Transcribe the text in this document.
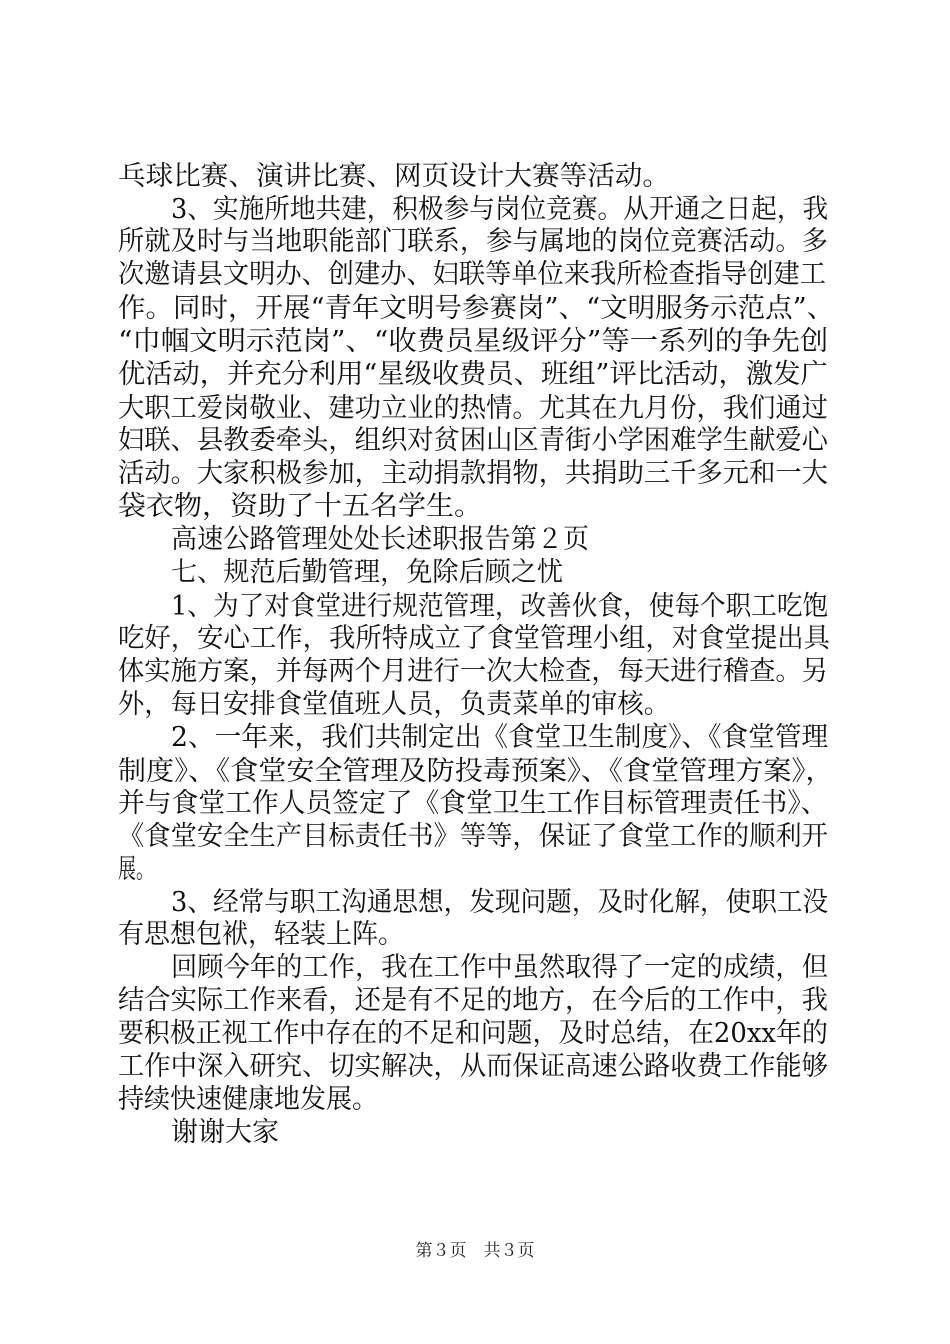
乓球比赛、演讲比赛、网页设计大赛等活动。
3、实施所地共建，积极参与岗位竞赛。从开通之日起，我
所就及时与当地职能部门联系，参与属地的岗位竞赛活动。多
次邀请县文明办、创建办、妇联等单位来我所检查指导创建工
作。同时，开展“青年文明号参赛岗”、“文明服务示范点”、
“巾帼文明示范岗”、“收费员星级评分”等一系列的争先创
优活动，并充分利用“星级收费员、班组”评比活动，激发广
大职工爱岗敬业、建功立业的热情。尤其在九月份，我们通过
妇联、县教委牵头，组织对贫困山区青街小学困难学生献爱心
活动。大家积极参加，主动捐款捐物，共捐助三千多元和一大
袋衣物，资助了十五名学生。
高速公路管理处处长述职报告第２页
七、规范后勤管理，免除后顾之忧
1、为了对食堂进行规范管理，改善伙食，使每个职工吃饱
吃好，安心工作，我所特成立了食堂管理小组，对食堂提出具
体实施方案，并每两个月进行一次大检查，每天进行稽查。另
外，每日安排食堂值班人员，负责菜单的审核。
2、一年来，我们共制定出《食堂卫生制度》、《食堂管理
制度》、《食堂安全管理及防投毒预案》、《食堂管理方案》，
并与食堂工作人员签定了《食堂卫生工作目标管理责任书》、
《食堂安全生产目标责任书》等等，保证了食堂工作的顺利开
展。
3、经常与职工沟通思想，发现问题，及时化解，使职工没
有思想包袱，轻装上阵。
回顾今年的工作，我在工作中虽然取得了一定的成绩，但
结合实际工作来看，还是有不足的地方，在今后的工作中，我
要积极正视工作中存在的不足和问题，及时总结，在20xx年的
工作中深入研究、切实解决，从而保证高速公路收费工作能够
持续快速健康地发展。
谢谢大家
第３页　共３页
